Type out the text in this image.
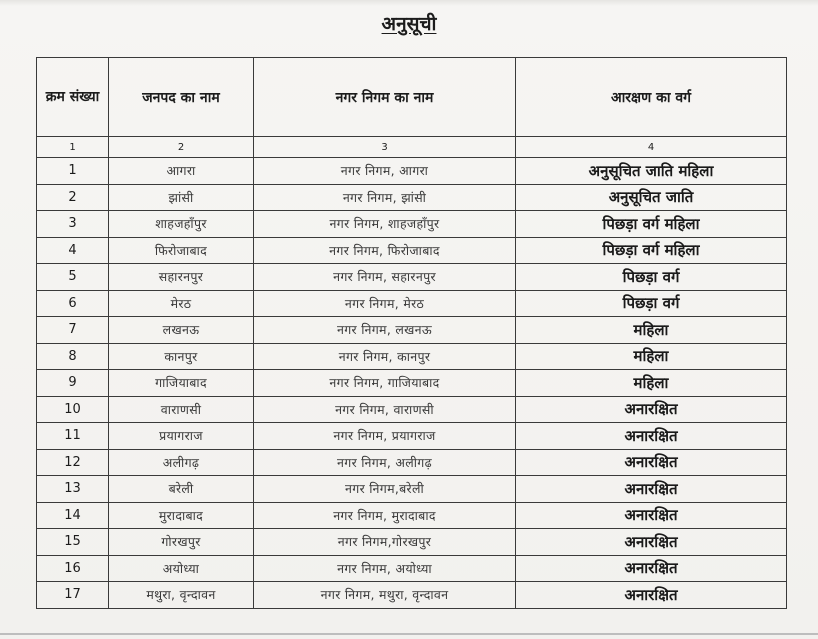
अनुसूची
क्रम संख्या	जनपद का नाम	नगर निगम का नाम	आरक्षण का वर्ग
1	2	3	4
1	आगरा	नगर निगम, आगरा	अनुसूचित जाति महिला
2	झांसी	नगर निगम, झांसी	अनुसूचित जाति
3	शाहजहाँपुर	नगर निगम, शाहजहाँपुर	पिछड़ा वर्ग महिला
4	फिरोजाबाद	नगर निगम, फिरोजाबाद	पिछड़ा वर्ग महिला
5	सहारनपुर	नगर निगम, सहारनपुर	पिछड़ा वर्ग
6	मेरठ	नगर निगम, मेरठ	पिछड़ा वर्ग
7	लखनऊ	नगर निगम, लखनऊ	महिला
8	कानपुर	नगर निगम, कानपुर	महिला
9	गाजियाबाद	नगर निगम, गाजियाबाद	महिला
10	वाराणसी	नगर निगम, वाराणसी	अनारक्षित
11	प्रयागराज	नगर निगम, प्रयागराज	अनारक्षित
12	अलीगढ़	नगर निगम, अलीगढ़	अनारक्षित
13	बरेली	नगर निगम,बरेली	अनारक्षित
14	मुरादाबाद	नगर निगम, मुरादाबाद	अनारक्षित
15	गोरखपुर	नगर निगम,गोरखपुर	अनारक्षित
16	अयोध्या	नगर निगम, अयोध्या	अनारक्षित
17	मथुरा, वृन्दावन	नगर निगम, मथुरा, वृन्दावन	अनारक्षित
